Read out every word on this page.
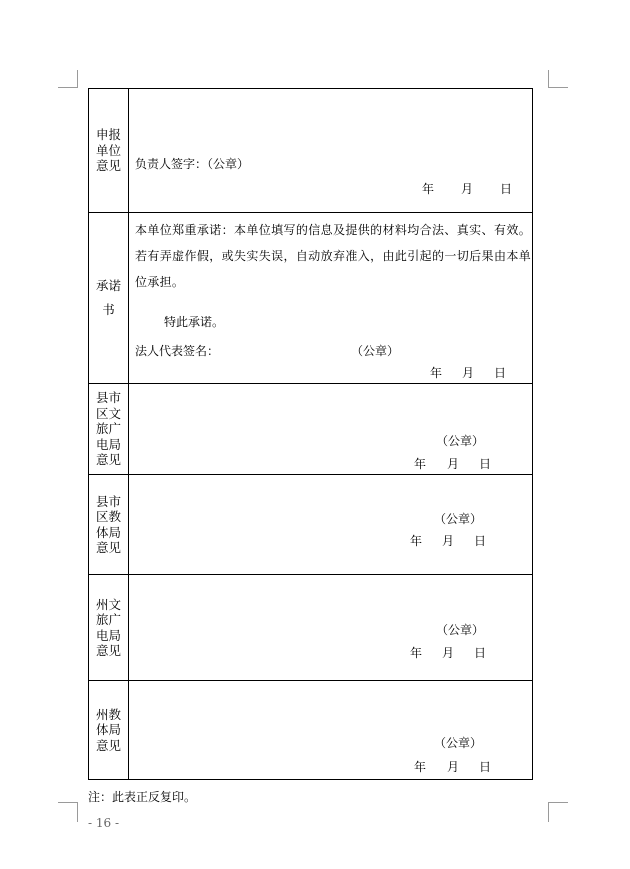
申报单位意见 负责人签字：（公章）
年 月 日
承诺书
本单位郑重承诺：本单位填写的信息及提供的材料均合法、真实、有效。若有弄虚作假，或失实失误，自动放弃准入，由此引起的一切后果由本单位承担。
特此承诺。
法人代表签名：	（公章）
年 月 日
县市区文旅广电局意见
（公章）
年 月 日
县市区教体局意见
（公章）
年 月 日
州文旅广电局意见
（公章）
年 月 日
州教体局意见	（公章）
年 月 日
注：此表正反复印。
- 16 -
